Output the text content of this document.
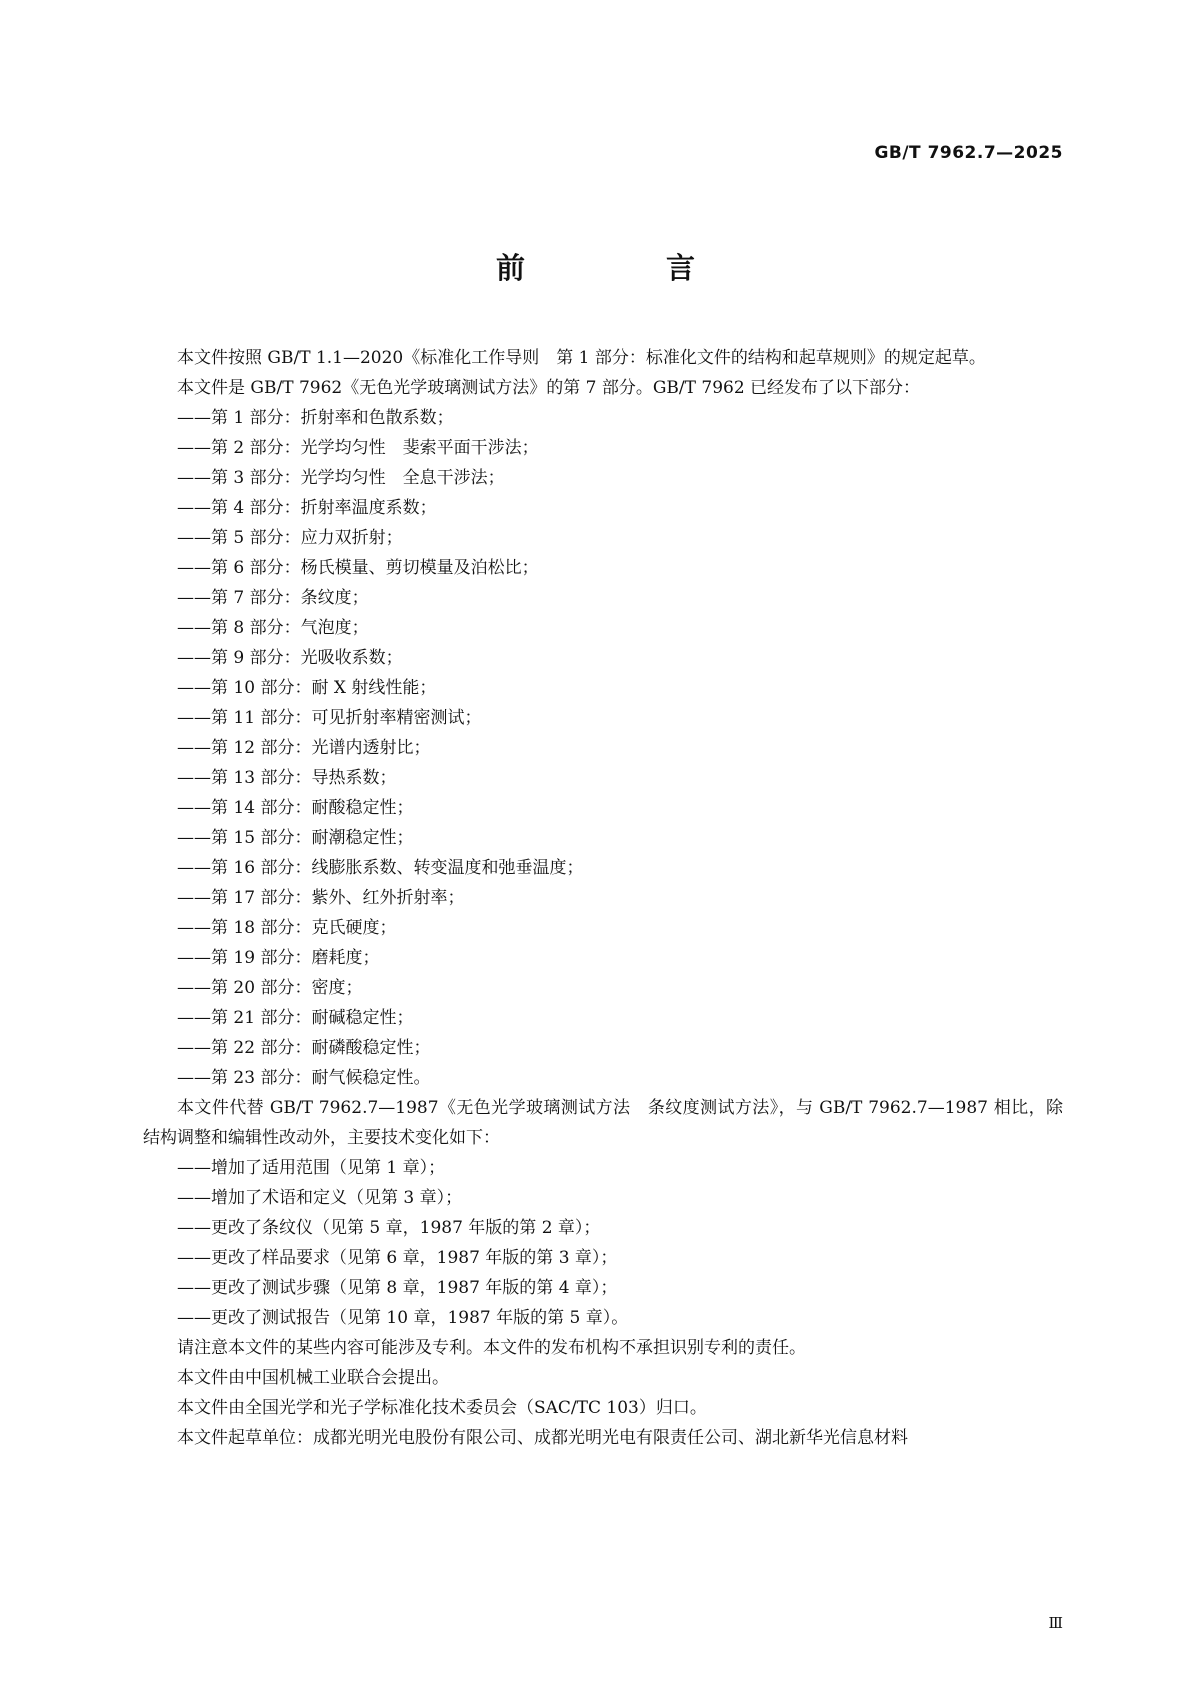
GB/T 7962.7—2025
前　言

本文件按照 GB/T 1.1—2020《标准化工作导则　第 1 部分：标准化文件的结构和起草规则》的规定起草。

本文件是 GB/T 7962《无色光学玻璃测试方法》的第 7 部分。GB/T 7962 已经发布了以下部分：

——第 1 部分：折射率和色散系数；

——第 2 部分：光学均匀性　斐索平面干涉法；

——第 3 部分：光学均匀性　全息干涉法；

——第 4 部分：折射率温度系数；

——第 5 部分：应力双折射；

——第 6 部分：杨氏模量、剪切模量及泊松比；

——第 7 部分：条纹度；

——第 8 部分：气泡度；

——第 9 部分：光吸收系数；

——第 10 部分：耐 X 射线性能；

——第 11 部分：可见折射率精密测试；

——第 12 部分：光谱内透射比；

——第 13 部分：导热系数；

——第 14 部分：耐酸稳定性；

——第 15 部分：耐潮稳定性；

——第 16 部分：线膨胀系数、转变温度和弛垂温度；

——第 17 部分：紫外、红外折射率；

——第 18 部分：克氏硬度；

——第 19 部分：磨耗度；

——第 20 部分：密度；

——第 21 部分：耐碱稳定性；

——第 22 部分：耐磷酸稳定性；

——第 23 部分：耐气候稳定性。

本文件代替 GB/T 7962.7—1987《无色光学玻璃测试方法　条纹度测试方法》，与 GB/T 7962.7—1987 相比，除结构调整和编辑性改动外，主要技术变化如下：

——增加了适用范围（见第 1 章）；

——增加了术语和定义（见第 3 章）；

——更改了条纹仪（见第 5 章，1987 年版的第 2 章）；

——更改了样品要求（见第 6 章，1987 年版的第 3 章）；

——更改了测试步骤（见第 8 章，1987 年版的第 4 章）；

——更改了测试报告（见第 10 章，1987 年版的第 5 章）。

请注意本文件的某些内容可能涉及专利。本文件的发布机构不承担识别专利的责任。

本文件由中国机械工业联合会提出。

本文件由全国光学和光子学标准化技术委员会（SAC/TC 103）归口。

本文件起草单位：成都光明光电股份有限公司、成都光明光电有限责任公司、湖北新华光信息材料

Ⅲ
